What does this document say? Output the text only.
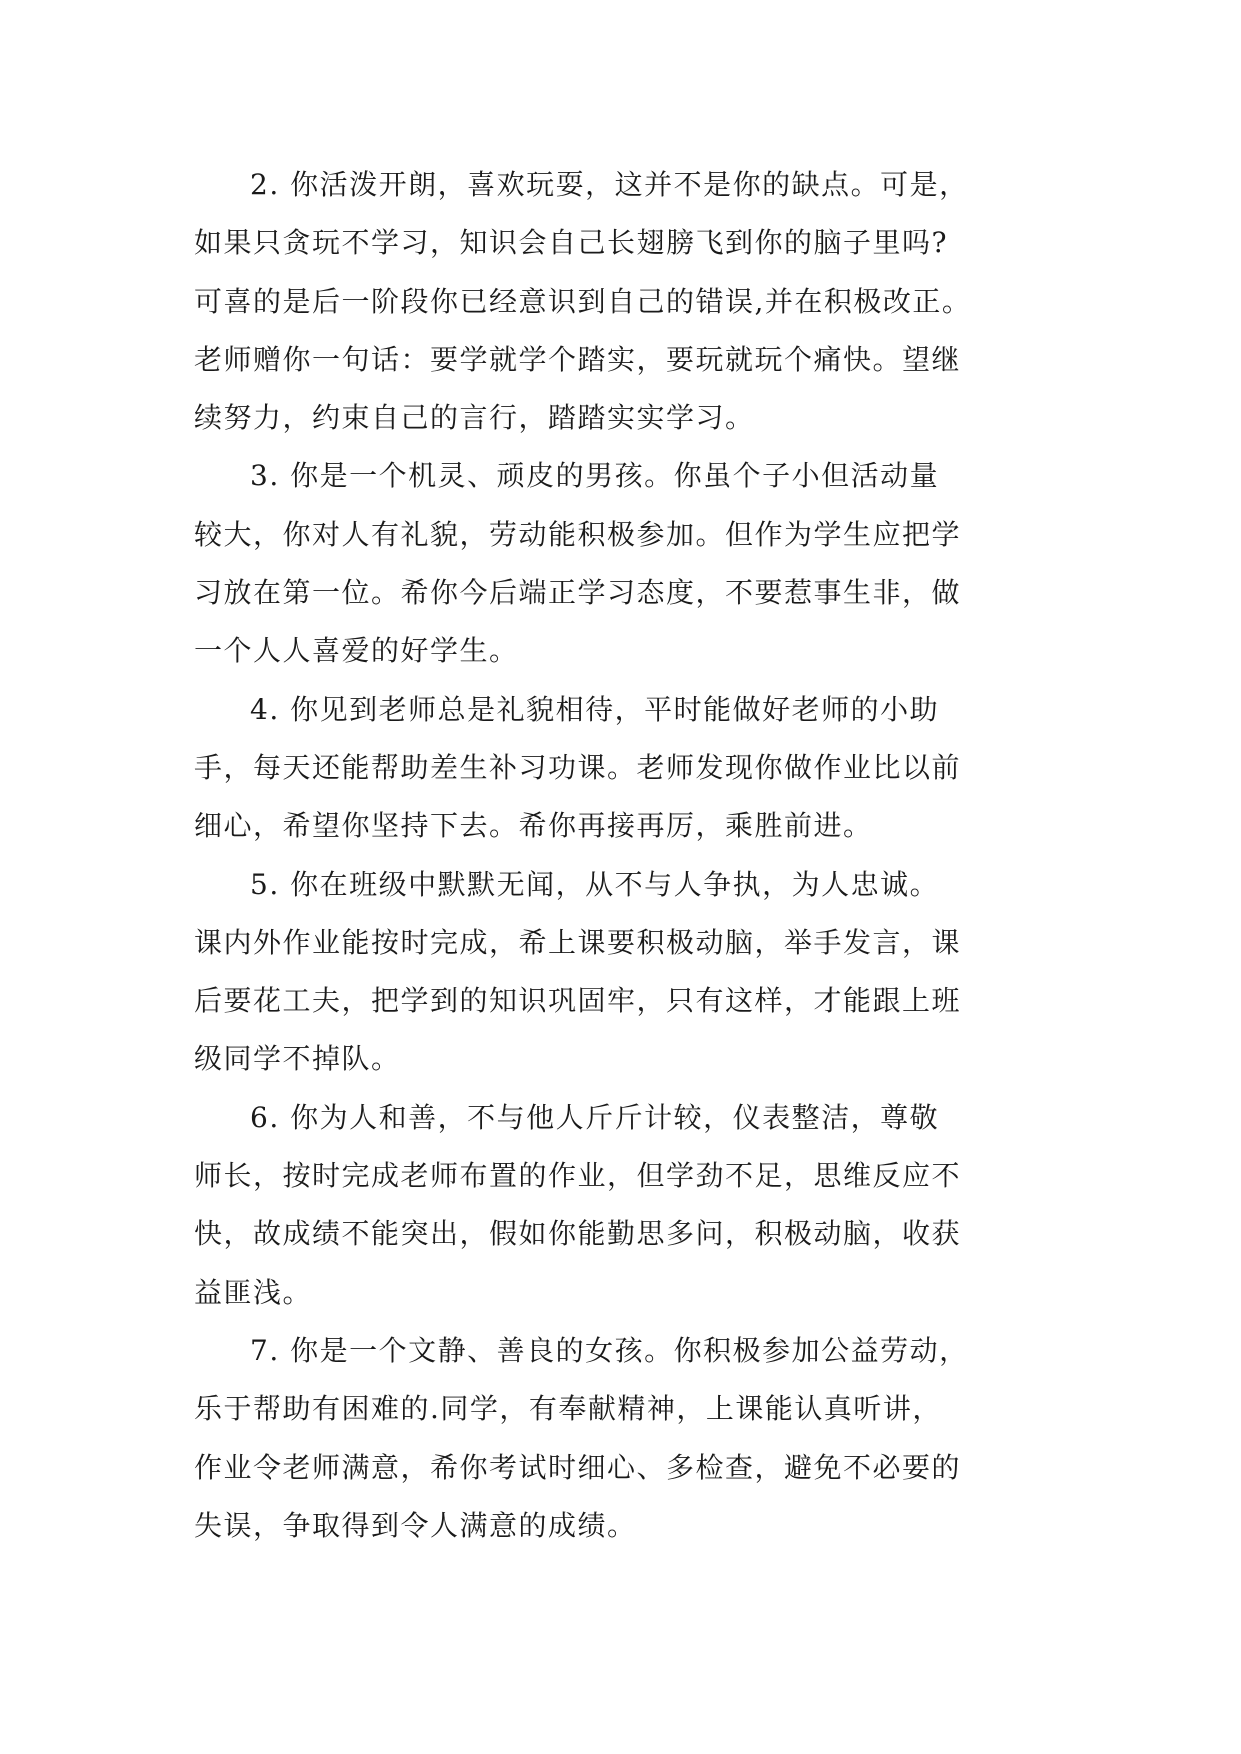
2. 你活泼开朗，喜欢玩耍，这并不是你的缺点。可是，
如果只贪玩不学习，知识会自己长翅膀飞到你的脑子里吗?
可喜的是后一阶段你已经意识到自己的错误,并在积极改正。
老师赠你一句话：要学就学个踏实，要玩就玩个痛快。望继
续努力，约束自己的言行，踏踏实实学习。
3. 你是一个机灵、顽皮的男孩。你虽个子小但活动量
较大，你对人有礼貌，劳动能积极参加。但作为学生应把学
习放在第一位。希你今后端正学习态度，不要惹事生非，做
一个人人喜爱的好学生。
4. 你见到老师总是礼貌相待，平时能做好老师的小助
手，每天还能帮助差生补习功课。老师发现你做作业比以前
细心，希望你坚持下去。希你再接再厉，乘胜前进。
5. 你在班级中默默无闻，从不与人争执，为人忠诚。
课内外作业能按时完成，希上课要积极动脑，举手发言，课
后要花工夫，把学到的知识巩固牢，只有这样，才能跟上班
级同学不掉队。
6. 你为人和善，不与他人斤斤计较，仪表整洁，尊敬
师长，按时完成老师布置的作业，但学劲不足，思维反应不
快，故成绩不能突出，假如你能勤思多问，积极动脑，收获
益匪浅。
7. 你是一个文静、善良的女孩。你积极参加公益劳动，
乐于帮助有困难的.同学，有奉献精神，上课能认真听讲，
作业令老师满意，希你考试时细心、多检查，避免不必要的
失误，争取得到令人满意的成绩。
